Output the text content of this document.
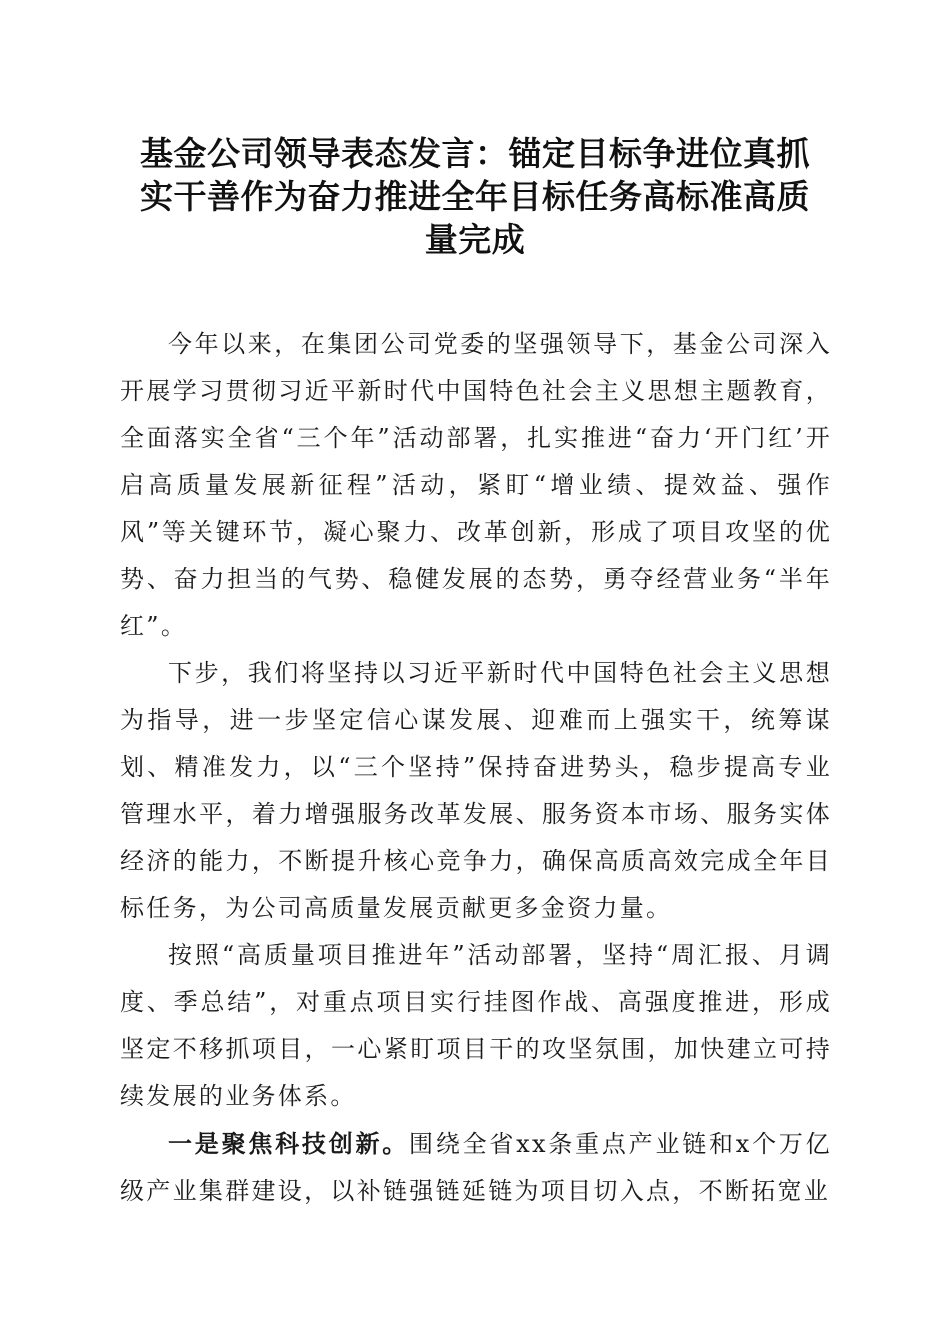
基金公司领导表态发言：锚定目标争进位真抓
实干善作为奋力推进全年目标任务高标准高质
量完成

今年以来，在集团公司党委的坚强领导下，基金公司深入开展学习贯彻习近平新时代中国特色社会主义思想主题教育，全面落实全省“三个年”活动部署，扎实推进“奋力‘开门红’开启高质量发展新征程”活动，紧盯“增业绩、提效益、强作风”等关键环节，凝心聚力、改革创新，形成了项目攻坚的优势、奋力担当的气势、稳健发展的态势，勇夺经营业务“半年红”。

下步，我们将坚持以习近平新时代中国特色社会主义思想为指导，进一步坚定信心谋发展、迎难而上强实干，统筹谋划、精准发力，以“三个坚持”保持奋进势头，稳步提高专业管理水平，着力增强服务改革发展、服务资本市场、服务实体经济的能力，不断提升核心竞争力，确保高质高效完成全年目标任务，为公司高质量发展贡献更多金资力量。

按照“高质量项目推进年”活动部署，坚持“周汇报、月调度、季总结”，对重点项目实行挂图作战、高强度推进，形成坚定不移抓项目，一心紧盯项目干的攻坚氛围，加快建立可持续发展的业务体系。

一是聚焦科技创新。围绕全省xx条重点产业链和x个万亿级产业集群建设，以补链强链延链为项目切入点，不断拓宽业
